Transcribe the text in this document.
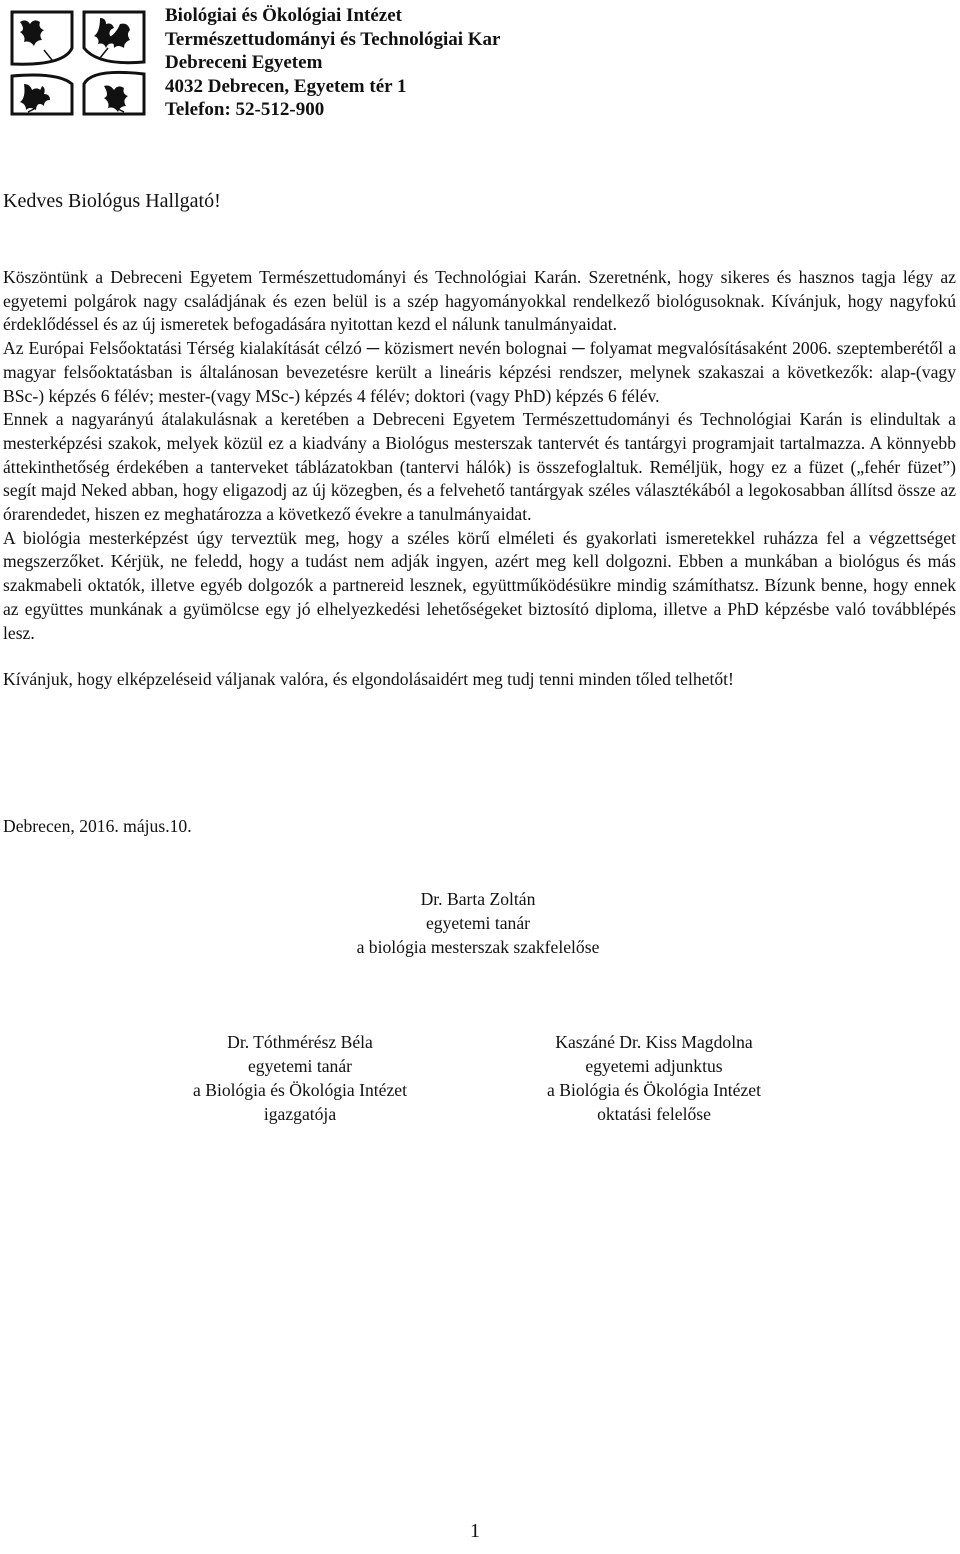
Biológiai és Ökológiai Intézet
Természettudományi és Technológiai Kar
Debreceni Egyetem
4032 Debrecen, Egyetem tér 1
Telefon: 52-512-900
Kedves Biológus Hallgató!

Köszöntünk a Debreceni Egyetem Természettudományi és Technológiai Karán. Szeretnénk, hogy sikeres és hasznos tagja légy az egyetemi polgárok nagy családjának és ezen belül is a szép hagyományokkal rendelkező biológusoknak. Kívánjuk, hogy nagyfokú érdeklődéssel és az új ismeretek befogadására nyitottan kezd el nálunk tanulmányaidat.

Az Európai Felsőoktatási Térség kialakítását célzó ─ közismert nevén bolognai ─ folyamat megvalósításaként 2006. szeptemberétől a magyar felsőoktatásban is általánosan bevezetésre került a lineáris képzési rendszer, melynek szakaszai a következők: alap-(vagy BSc-) képzés 6 félév; mester-(vagy MSc-) képzés 4 félév; doktori (vagy PhD) képzés 6 félév.

Ennek a nagyarányú átalakulásnak a keretében a Debreceni Egyetem Természettudományi és Technológiai Karán is elindultak a mesterképzési szakok, melyek közül ez a kiadvány a Biológus mesterszak tantervét és tantárgyi programjait tartalmazza. A könnyebb áttekinthetőség érdekében a tanterveket táblázatokban (tantervi hálók) is összefoglaltuk. Reméljük, hogy ez a füzet („fehér füzet”) segít majd Neked abban, hogy eligazodj az új közegben, és a felvehető tantárgyak széles választékából a legokosabban állítsd össze az órarendedet, hiszen ez meghatározza a következő évekre a tanulmányaidat.

A biológia mesterképzést úgy terveztük meg, hogy a széles körű elméleti és gyakorlati ismeretekkel ruházza fel a végzettséget megszerzőket. Kérjük, ne feledd, hogy a tudást nem adják ingyen, azért meg kell dolgozni. Ebben a munkában a biológus és más szakmabeli oktatók, illetve egyéb dolgozók a partnereid lesznek, együttműködésükre mindig számíthatsz. Bízunk benne, hogy ennek az együttes munkának a gyümölcse egy jó elhelyezkedési lehetőségeket biztosító diploma, illetve a PhD képzésbe való továbblépés lesz.

Kívánjuk, hogy elképzeléseid váljanak valóra, és elgondolásaidért meg tudj tenni minden tőled telhetőt!

Debrecen, 2016. május.10.
Dr. Barta Zoltán
egyetemi tanár
a biológia mesterszak szakfelelőse
Dr. Tóthmérész Béla
egyetemi tanár
a Biológia és Ökológia Intézet
igazgatója
Kaszáné Dr. Kiss Magdolna
egyetemi adjunktus
a Biológia és Ökológia Intézet
oktatási felelőse
1
